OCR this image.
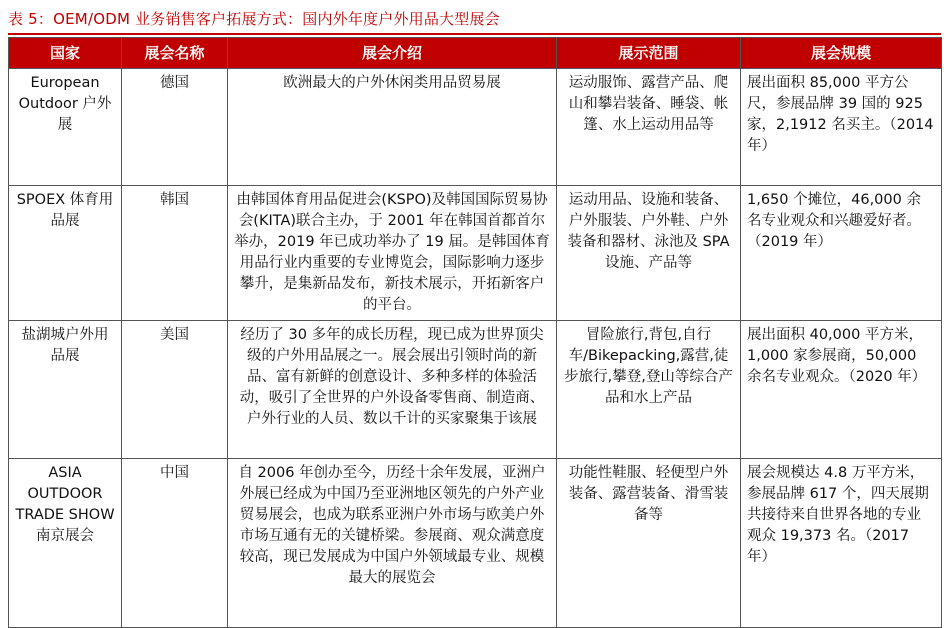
表 5：OEM/ODM 业务销售客户拓展方式：国内外年度户外用品大型展会
国家	展会名称	展会介绍	展示范围	展会规模
European Outdoor 户外展	德国	欧洲最大的户外休闲类用品贸易展	运动服饰、露营产品、爬山和攀岩装备、睡袋、帐篷、水上运动用品等	展出面积 85,000 平方公尺，参展品牌 39 国的 925 家，2,1912 名买主。（2014 年）
SPOEX 体育用品展	韩国	由韩国体育用品促进会(KSPO)及韩国国际贸易协会(KITA)联合主办，于 2001 年在韩国首都首尔举办，2019 年已成功举办了 19 届。是韩国体育用品行业内重要的专业博览会，国际影响力逐步攀升，是集新品发布，新技术展示，开拓新客户的平台。	运动用品、设施和装备、户外服装、户外鞋、户外装备和器材、泳池及 SPA 设施、产品等	1,650 个摊位，46,000 余名专业观众和兴趣爱好者。（2019 年）
盐湖城户外用品展	美国	经历了 30 多年的成长历程，现已成为世界顶尖级的户外用品展之一。展会展出引领时尚的新品、富有新鲜的创意设计、多种多样的体验活动，吸引了全世界的户外设备零售商、制造商、户外行业的人员、数以千计的买家聚集于该展	冒险旅行,背包,自行车/Bikepacking,露营,徒步旅行,攀登,登山等综合产品和水上产品	展出面积 40,000 平方米，1,000 家参展商，50,000 余名专业观众。（2020 年）
ASIA OUTDOOR TRADE SHOW 南京展会	中国	自 2006 年创办至今，历经十余年发展，亚洲户外展已经成为中国乃至亚洲地区领先的户外产业贸易展会，也成为联系亚洲户外市场与欧美户外市场互通有无的关键桥梁。参展商、观众满意度较高，现已发展成为中国户外领域最专业、规模最大的展览会	功能性鞋服、轻便型户外装备、露营装备、滑雪装备等	展会规模达 4.8 万平方米，参展品牌 617 个，四天展期共接待来自世界各地的专业观众 19,373 名。（2017 年）
